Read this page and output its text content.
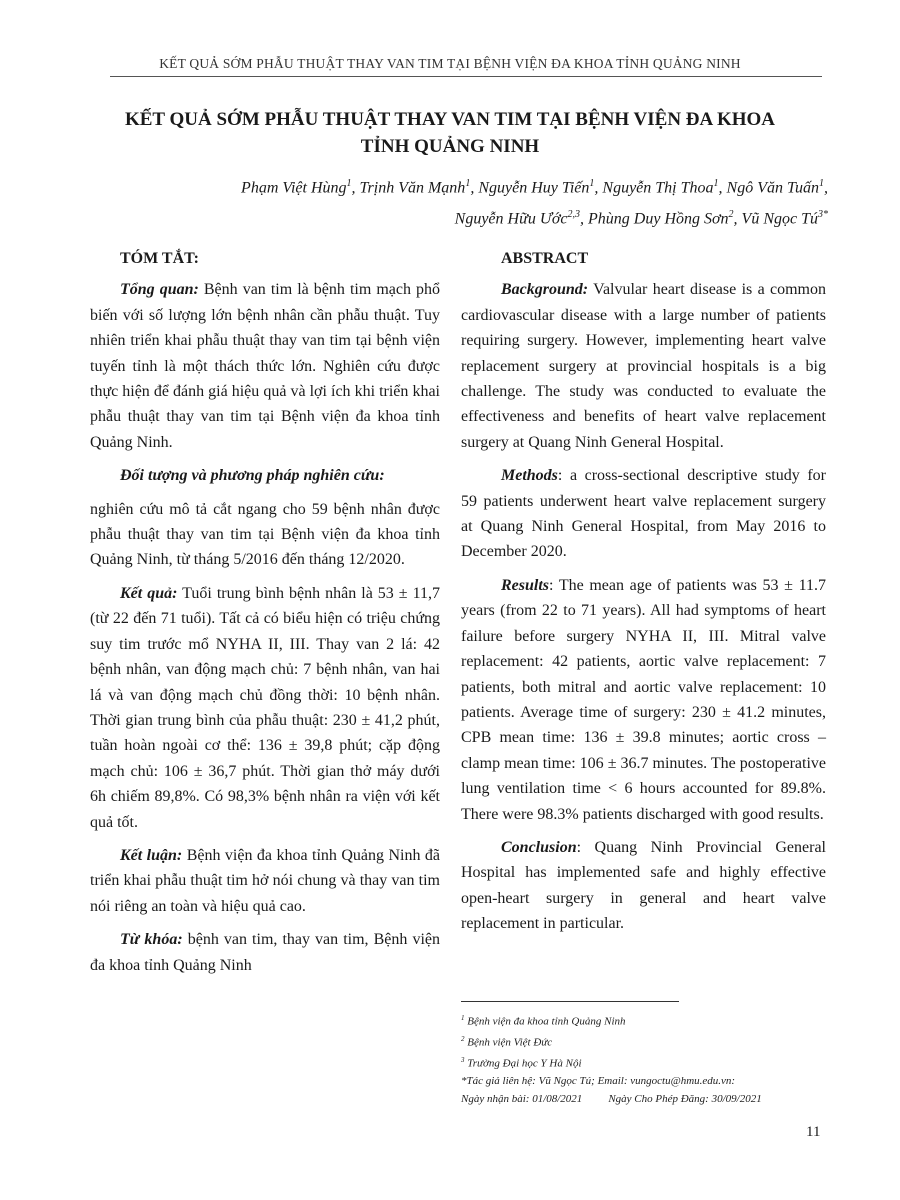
KẾT QUẢ SỚM PHẪU THUẬT THAY VAN TIM TẠI BỆNH VIỆN ĐA KHOA TỈNH QUẢNG NINH
KẾT QUẢ SỚM PHẪU THUẬT THAY VAN TIM TẠI BỆNH VIỆN ĐA KHOA
TỈNH QUẢNG NINH
Phạm Việt Hùng$^1$, Trịnh Văn Mạnh$^1$, Nguyễn Huy Tiến$^1$, Nguyễn Thị Thoa$^1$, Ngô Văn Tuấn$^1$,
Nguyễn Hữu Ước$^{2,3}$, Phùng Duy Hồng Sơn$^2$, Vũ Ngọc $Tú^{3*}$
TÓM TẮT:

Tổng quan: Bệnh van tim là bệnh tim mạch phổ biến với số lượng lớn bệnh nhân cần phẫu thuật. Tuy nhiên triển khai phẫu thuật thay van tim tại bệnh viện tuyến tỉnh là một thách thức lớn. Nghiên cứu được thực hiện để đánh giá hiệu quả và lợi ích khi triển khai phẫu thuật thay van tim tại Bệnh viện đa khoa tỉnh Quảng Ninh.

Đối tượng và phương pháp nghiên cứu:

nghiên cứu mô tả cắt ngang cho 59 bệnh nhân được phẫu thuật thay van tim tại Bệnh viện đa khoa tỉnh Quảng Ninh, từ tháng 5/2016 đến tháng 12/2020.

Kết quả: Tuổi trung bình bệnh nhân là 53 ± 11,7 (từ 22 đến 71 tuổi). Tất cả có biểu hiện có triệu chứng suy tim trước mổ NYHA II, III. Thay van 2 lá: 42 bệnh nhân, van động mạch chủ: 7 bệnh nhân, van hai lá và van động mạch chủ đồng thời: 10 bệnh nhân. Thời gian trung bình của phẫu thuật: 230 ± 41,2 phút, tuần hoàn ngoài cơ thể: 136 ± 39,8 phút; cặp động mạch chủ: 106 ± 36,7 phút. Thời gian thở máy dưới 6h chiếm 89,8%. Có 98,3% bệnh nhân ra viện với kết quả tốt.

Kết luận: Bệnh viện đa khoa tỉnh Quảng Ninh đã triển khai phẫu thuật tim hở nói chung và thay van tim nói riêng an toàn và hiệu quả cao.

Từ khóa: bệnh van tim, thay van tim, Bệnh viện đa khoa tỉnh Quảng Ninh

ABSTRACT

Background: Valvular heart disease is a common cardiovascular disease with a large number of patients requiring surgery. However, implementing heart valve replacement surgery at provincial hospitals is a big challenge. The study was conducted to evaluate the effectiveness and benefits of heart valve replacement surgery at Quang Ninh General Hospital.

Methods: a cross-sectional descriptive study for 59 patients underwent heart valve replacement surgery at Quang Ninh General Hospital, from May 2016 to December 2020.

Results: The mean age of patients was 53 ± 11.7 years (from 22 to 71 years). All had symptoms of heart failure before surgery NYHA II, III. Mitral valve replacement: 42 patients, aortic valve replacement: 7 patients, both mitral and aortic valve replacement: 10 patients. Average time of surgery: 230 ± 41.2 minutes, CPB mean time: 136 ± 39.8 minutes; aortic cross – clamp mean time: 106 ± 36.7 minutes. The postoperative lung ventilation time < 6 hours accounted for 89.8%. There were 98.3% patients discharged with good results.

Conclusion: Quang Ninh Provincial General Hospital has implemented safe and highly effective open-heart surgery in general and heart valve replacement in particular.

$^1$ Bệnh viện đa khoa tỉnh Quảng Ninh
$^2$ Bệnh viện Việt Đức
$^3$ Trường Đại học Y Hà Nội
*Tác giả liên hệ: Vũ Ngọc Tú; Email: vungoctu@hmu.edu.vn:
Ngày nhận bài: 01/08/2021 Ngày Cho Phép Đăng: 30/09/2021
11
